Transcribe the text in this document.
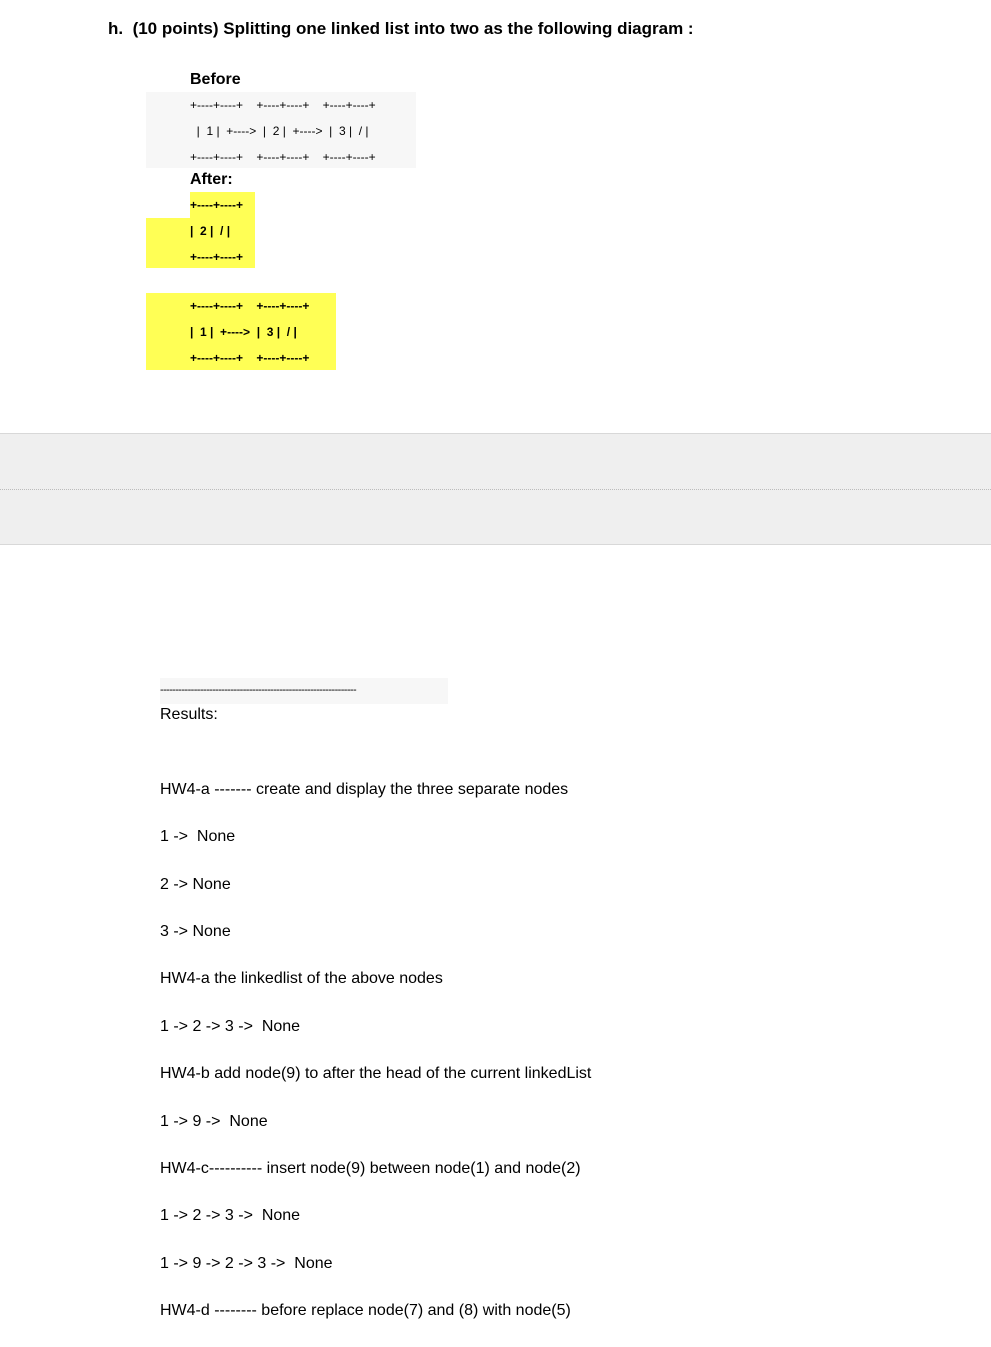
h. (10 points) Splitting one linked list into two as the following diagram :
Before
+----+----+    +----+----+    +----+----+
|  1 |  +---->  |  2 |  +---->  |  3 |  / |
+----+----+    +----+----+    +----+----+
After:
+----+----+
|  2 |  / |
+----+----+
+----+----+    +----+----+
|  1 |  +---->  |  3 |  / |
+----+----+    +----+----+
----------------------------------------------------------------
Results:

HW4-a ------- create and display the three separate nodes

1 ->  None

2 -> None

3 -> None

HW4-a the linkedlist of the above nodes

1 -> 2 -> 3 ->  None

HW4-b add node(9) to after the head of the current linkedList

1 -> 9 ->  None

HW4-c---------- insert node(9) between node(1) and node(2)

1 -> 2 -> 3 ->  None

1 -> 9 -> 2 -> 3 ->  None

HW4-d -------- before replace node(7) and (8) with node(5)
